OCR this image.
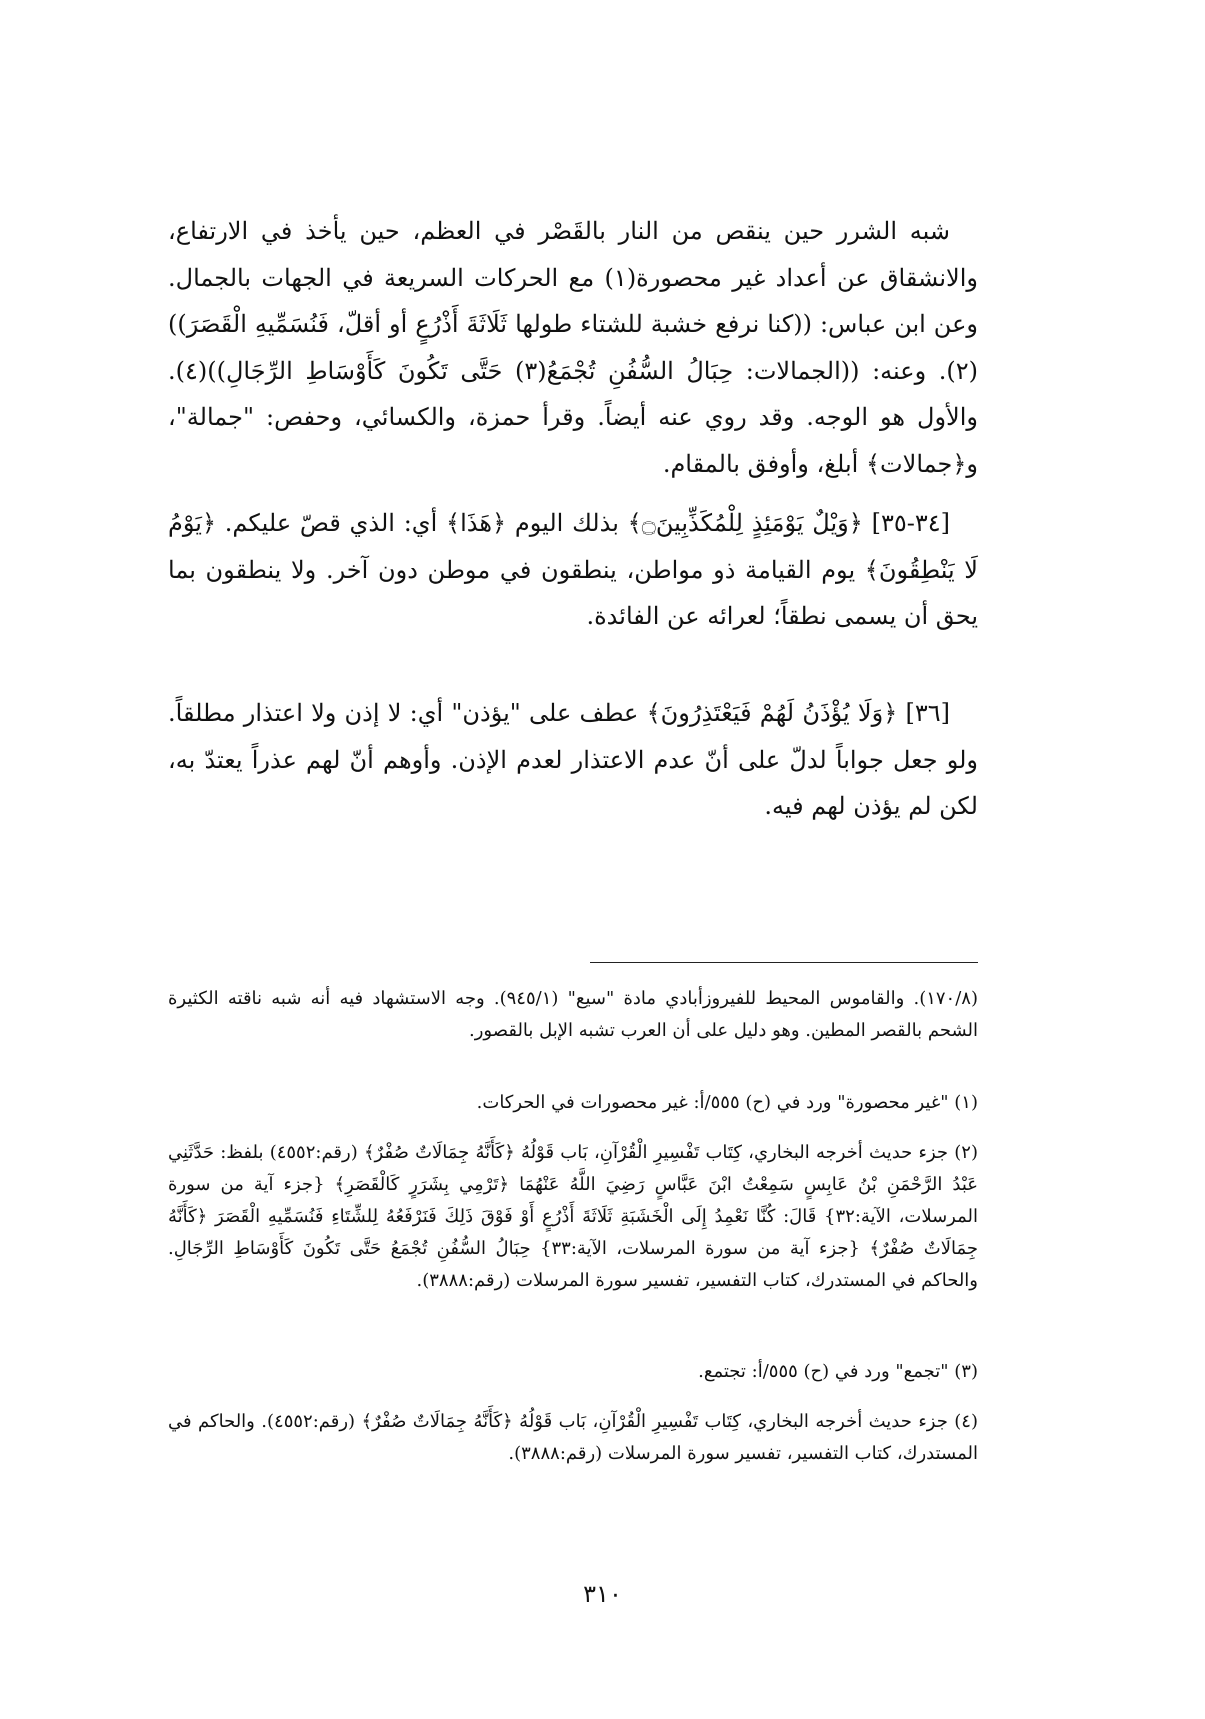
شبه الشرر حين ينقص من النار بالقَصْر في العظم، حين يأخذ في الارتفاع، والانشقاق عن أعداد غير محصورة(١) مع الحركات السريعة في الجهات بالجمال. وعن ابن عباس: ((كنا نرفع خشبة للشتاء طولها ثَلَاثَةَ أَذْرُعٍ أو أقلّ، فَنُسَمِّيهِ الْقَصَرَ))(٢). وعنه: ((الجمالات: حِبَالُ السُّفُنِ تُجْمَعُ(٣) حَتَّى تَكُونَ كَأَوْسَاطِ الرِّجَالِ))(٤). والأول هو الوجه. وقد روي عنه أيضاً. وقرأ حمزة، والكسائي، وحفص: "جمالة"، و﴿جمالات﴾ أبلغ، وأوفق بالمقام.

[٣٤-٣٥] ﴿وَيْلٌ يَوْمَئِذٍ لِلْمُكَذِّبِينَ۝﴾ بذلك اليوم ﴿هَذَا﴾ أي: الذي قصّ عليكم. ﴿يَوْمُ لَا يَنْطِقُونَ﴾ يوم القيامة ذو مواطن، ينطقون في موطن دون آخر. ولا ينطقون بما يحق أن يسمى نطقاً؛ لعرائه عن الفائدة.

[٣٦] ﴿وَلَا يُؤْذَنُ لَهُمْ فَيَعْتَذِرُونَ﴾ عطف على "يؤذن" أي: لا إذن ولا اعتذار مطلقاً. ولو جعل جواباً لدلّ على أنّ عدم الاعتذار لعدم الإذن. وأوهم أنّ لهم عذراً يعتدّ به، لكن لم يؤذن لهم فيه.

(١٧٠/٨). والقاموس المحيط للفيروزأبادي مادة "سيع" (٩٤٥/١). وجه الاستشهاد فيه أنه شبه ناقته الكثيرة الشحم بالقصر المطين. وهو دليل على أن العرب تشبه الإبل بالقصور.

(١) "غير محصورة" ورد في (ح) ٥٥٥/أ: غير محصورات في الحركات.

(٢) جزء حديث أخرجه البخاري، كِتَاب تَفْسِيرِ الْقُرْآنِ، بَاب قَوْلُهُ ﴿كَأَنَّهُ جِمَالَاتٌ صُفْرٌ﴾ (رقم:٤٥٥٢) بلفظ: حَدَّثَنِي عَبْدُ الرَّحْمَنِ بْنُ عَابِسٍ سَمِعْتُ ابْنَ عَبَّاسٍ رَضِيَ اللَّهُ عَنْهُمَا ﴿تَرْمِي بِشَرَرٍ كَالْقَصَرِ﴾ {جزء آية من سورة المرسلات، الآية:٣٢} قَالَ: كُنَّا نَعْمِدُ إِلَى الْخَشَبَةِ ثَلَاثَةَ أَذْرُعٍ أَوْ فَوْقَ ذَلِكَ فَنَرْفَعُهُ لِلشِّتَاءِ فَنُسَمِّيهِ الْقَصَرَ ﴿كَأَنَّهُ جِمَالَاتٌ صُفْرٌ﴾ {جزء آية من سورة المرسلات، الآية:٣٣} حِبَالُ السُّفُنِ تُجْمَعُ حَتَّى تَكُونَ كَأَوْسَاطِ الرِّجَالِ. والحاكم في المستدرك، كتاب التفسير، تفسير سورة المرسلات (رقم:٣٨٨٨).

(٣) "تجمع" ورد في (ح) ٥٥٥/أ: تجتمع.

(٤) جزء حديث أخرجه البخاري، كِتَاب تَفْسِيرِ الْقُرْآنِ، بَاب قَوْلُهُ ﴿كَأَنَّهُ جِمَالَاتٌ صُفْرٌ﴾ (رقم:٤٥٥٢). والحاكم في المستدرك، كتاب التفسير، تفسير سورة المرسلات (رقم:٣٨٨٨).

٣١٠
